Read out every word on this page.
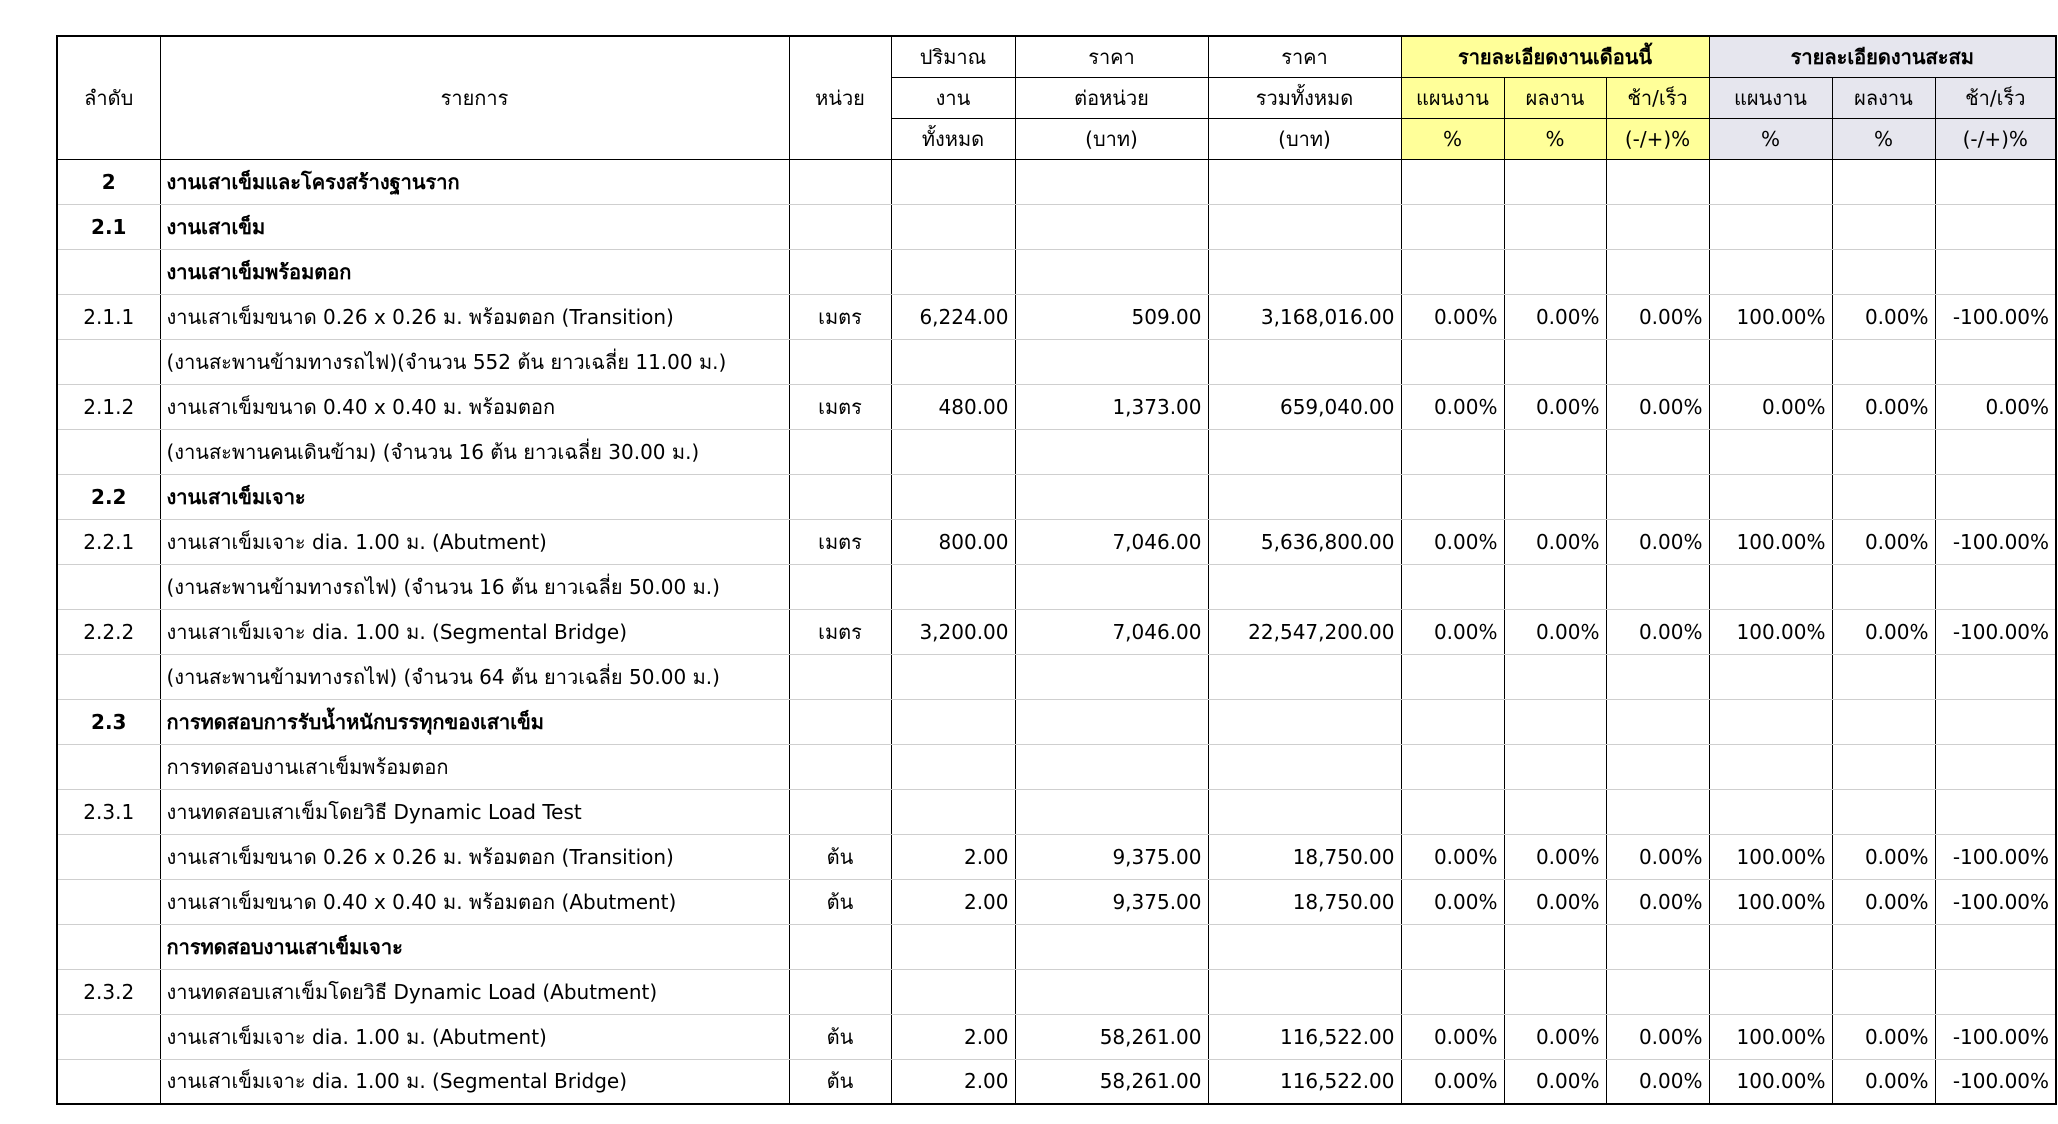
ลำดับ	รายการ	หน่วย	ปริมาณ	ราคา	ราคา	รายละเอียดงานเดือนนี้			รายละเอียดงานสะสม		
			งาน	ต่อหน่วย	รวมทั้งหมด	แผนงาน	ผลงาน	ช้า/เร็ว	แผนงาน	ผลงาน	ช้า/เร็ว
			ทั้งหมด	(บาท)	(บาท)	%	%	(-/+)%	%	%	(-/+)%
2	งานเสาเข็มและโครงสร้างฐานราก										
2.1	งานเสาเข็ม										
	งานเสาเข็มพร้อมตอก										
2.1.1	งานเสาเข็มขนาด 0.26 x 0.26 ม. พร้อมตอก (Transition)	เมตร	6,224.00	509.00	3,168,016.00	0.00%	0.00%	0.00%	100.00%	0.00%	-100.00%
	(งานสะพานข้ามทางรถไฟ)(จำนวน 552 ต้น ยาวเฉลี่ย 11.00 ม.)										
2.1.2	งานเสาเข็มขนาด 0.40 x 0.40 ม. พร้อมตอก	เมตร	480.00	1,373.00	659,040.00	0.00%	0.00%	0.00%	0.00%	0.00%	0.00%
	(งานสะพานคนเดินข้าม) (จำนวน 16 ต้น ยาวเฉลี่ย 30.00 ม.)										
2.2	งานเสาเข็มเจาะ										
2.2.1	งานเสาเข็มเจาะ dia. 1.00 ม. (Abutment)	เมตร	800.00	7,046.00	5,636,800.00	0.00%	0.00%	0.00%	100.00%	0.00%	-100.00%
	(งานสะพานข้ามทางรถไฟ) (จำนวน 16 ต้น ยาวเฉลี่ย 50.00 ม.)										
2.2.2	งานเสาเข็มเจาะ dia. 1.00 ม. (Segmental Bridge)	เมตร	3,200.00	7,046.00	22,547,200.00	0.00%	0.00%	0.00%	100.00%	0.00%	-100.00%
	(งานสะพานข้ามทางรถไฟ) (จำนวน 64 ต้น ยาวเฉลี่ย 50.00 ม.)										
2.3	การทดสอบการรับน้ำหนักบรรทุกของเสาเข็ม										
	การทดสอบงานเสาเข็มพร้อมตอก										
2.3.1	งานทดสอบเสาเข็มโดยวิธี Dynamic Load Test										
	งานเสาเข็มขนาด 0.26 x 0.26 ม. พร้อมตอก (Transition)	ต้น	2.00	9,375.00	18,750.00	0.00%	0.00%	0.00%	100.00%	0.00%	-100.00%
	งานเสาเข็มขนาด 0.40 x 0.40 ม. พร้อมตอก (Abutment)	ต้น	2.00	9,375.00	18,750.00	0.00%	0.00%	0.00%	100.00%	0.00%	-100.00%
	การทดสอบงานเสาเข็มเจาะ										
2.3.2	งานทดสอบเสาเข็มโดยวิธี Dynamic Load (Abutment)										
	งานเสาเข็มเจาะ dia. 1.00 ม. (Abutment)	ต้น	2.00	58,261.00	116,522.00	0.00%	0.00%	0.00%	100.00%	0.00%	-100.00%
	งานเสาเข็มเจาะ dia. 1.00 ม. (Segmental Bridge)	ต้น	2.00	58,261.00	116,522.00	0.00%	0.00%	0.00%	100.00%	0.00%	-100.00%
